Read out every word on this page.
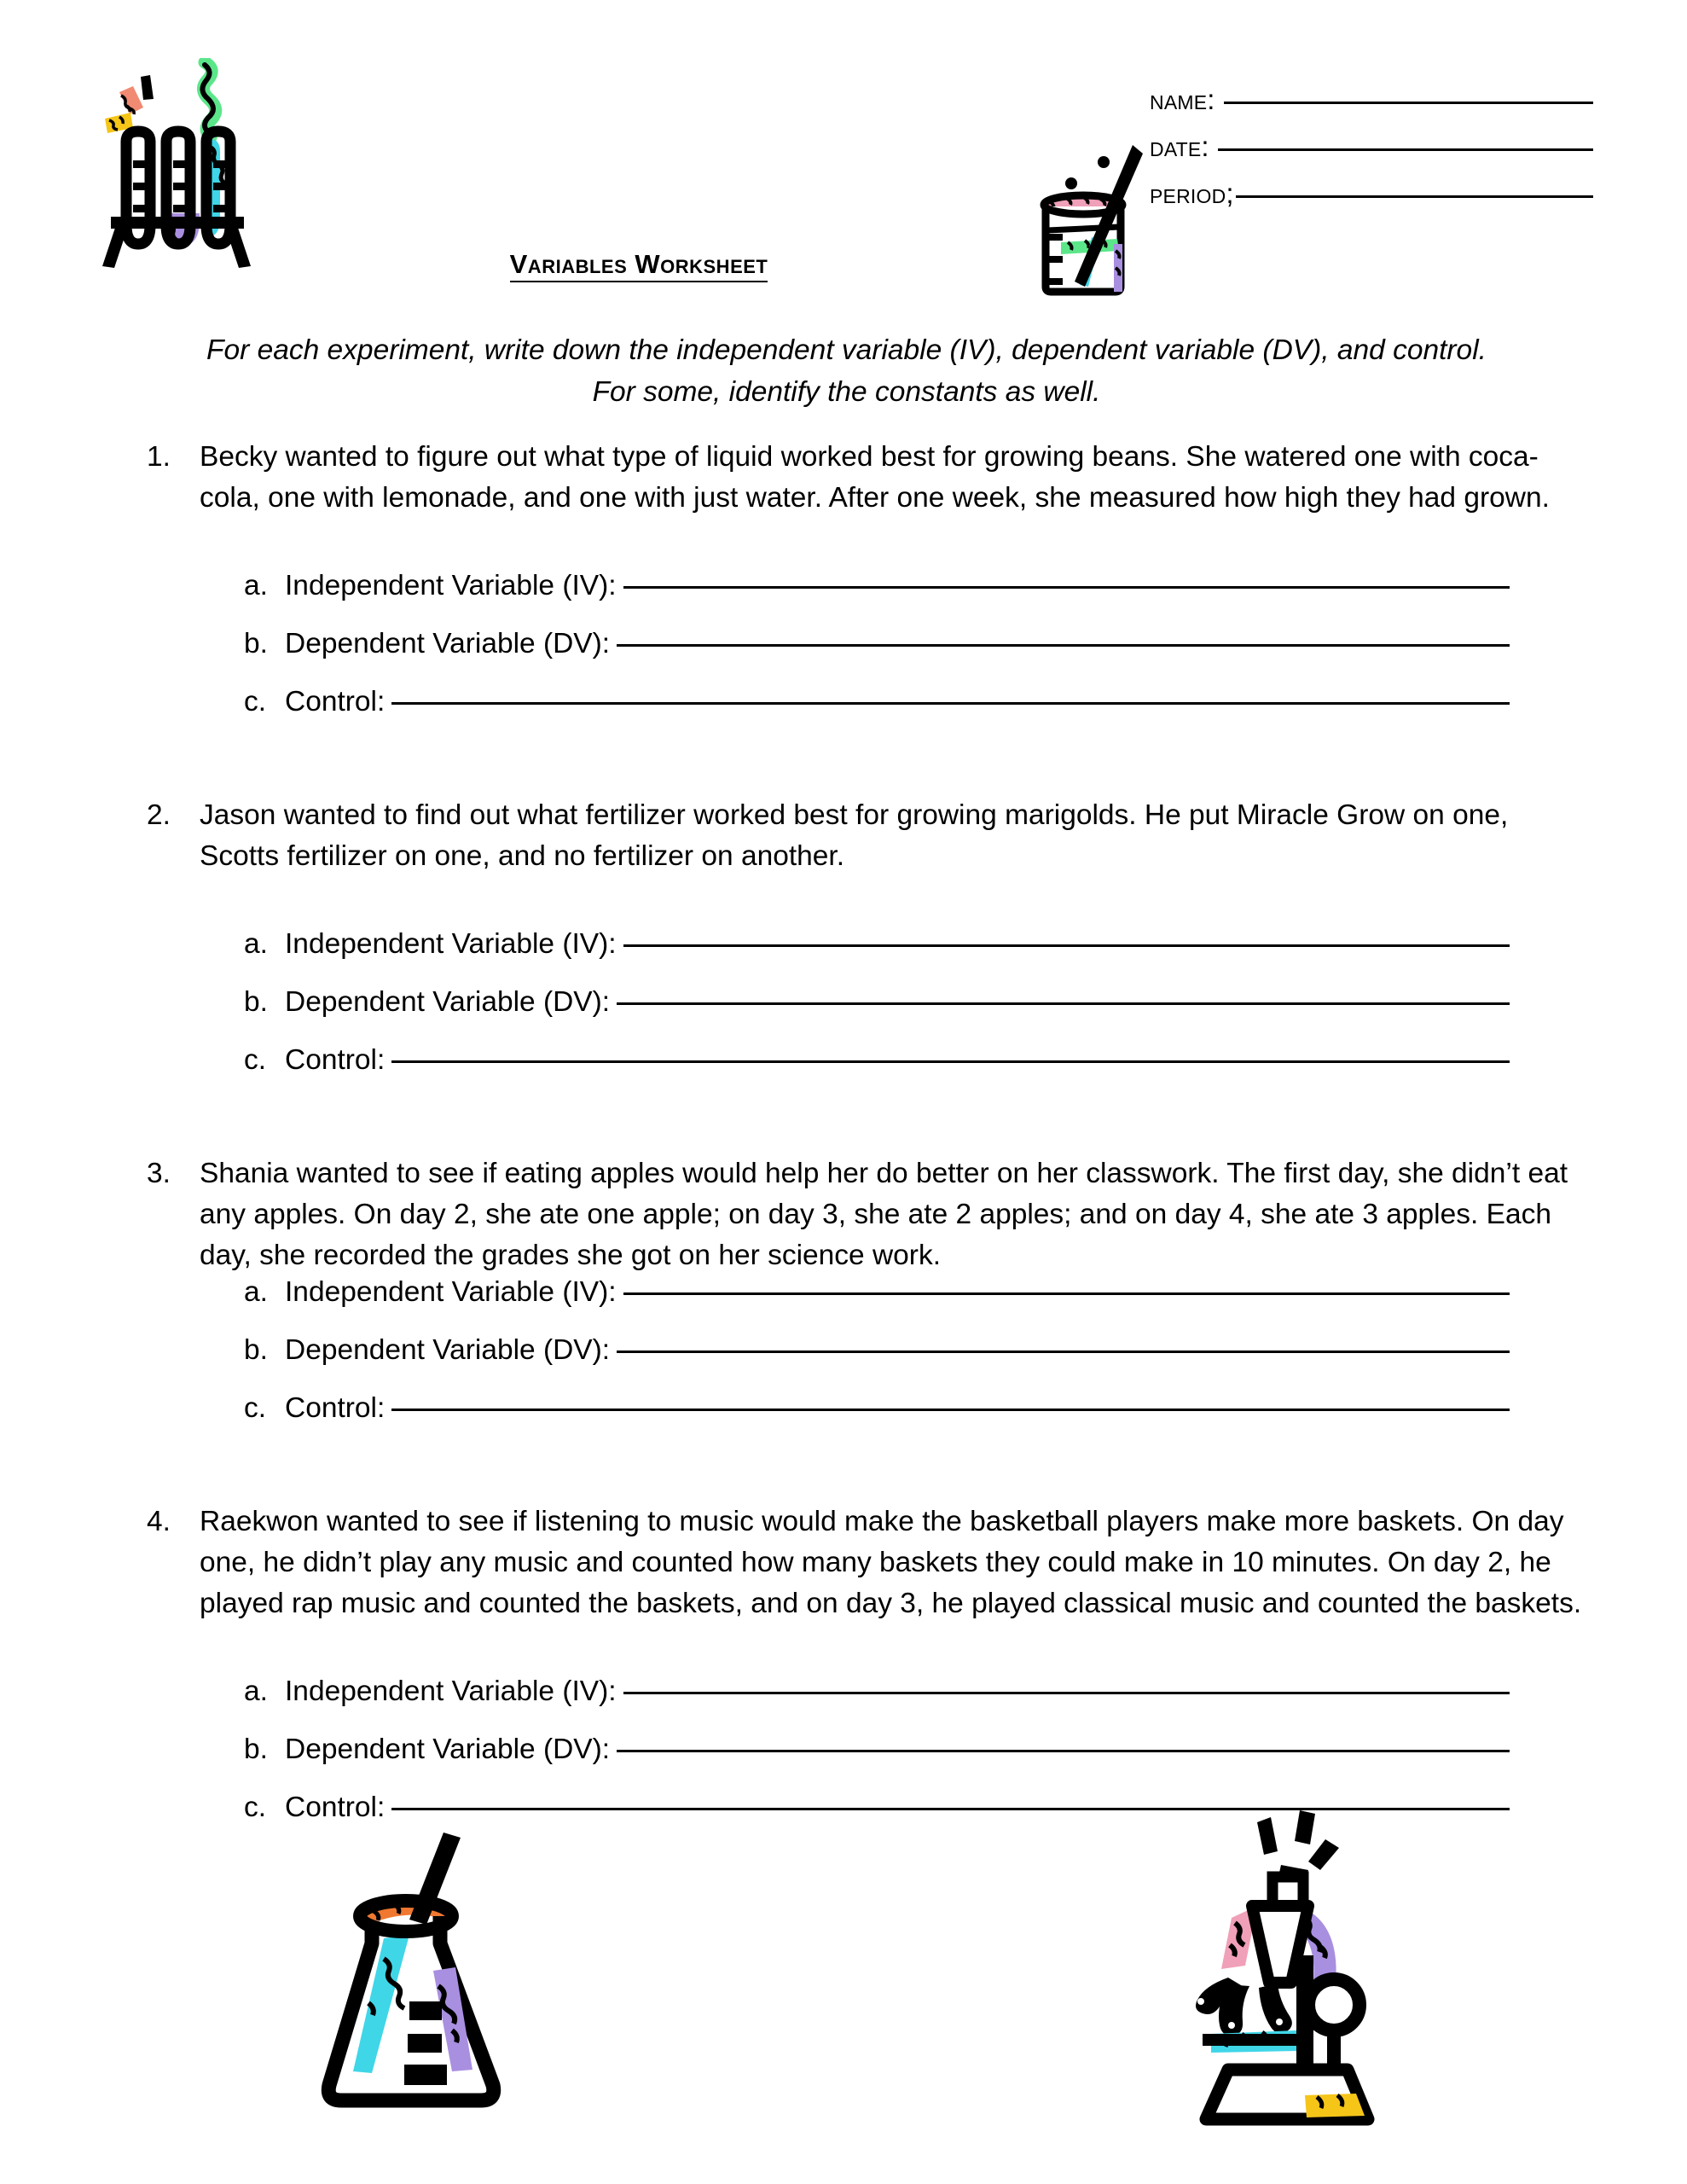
name:
date:
period;
Variables Worksheet
For each experiment, write down the independent variable (IV), dependent variable (DV), and control.
For some, identify the constants as well.
1.	Becky wanted to figure out what type of liquid worked best for growing beans. She watered one with coca-cola, one with lemonade, and one with just water. After one week, she measured how high they had grown.
a. Independent Variable (IV):
b. Dependent Variable (DV):
c. Control:
2.	Jason wanted to find out what fertilizer worked best for growing marigolds. He put Miracle Grow on one, Scotts fertilizer on one, and no fertilizer on another.
a. Independent Variable (IV):
b. Dependent Variable (DV):
c. Control:
3.	Shania wanted to see if eating apples would help her do better on her classwork. The first day, she didn’t eat any apples. On day 2, she ate one apple; on day 3, she ate 2 apples; and on day 4, she ate 3 apples. Each day, she recorded the grades she got on her science work.
a. Independent Variable (IV):
b. Dependent Variable (DV):
c. Control:
4.	Raekwon wanted to see if listening to music would make the basketball players make more baskets. On day one, he didn’t play any music and counted how many baskets they could make in 10 minutes. On day 2, he played rap music and counted the baskets, and on day 3, he played classical music and counted the baskets.
a. Independent Variable (IV):
b. Dependent Variable (DV):
c. Control:
